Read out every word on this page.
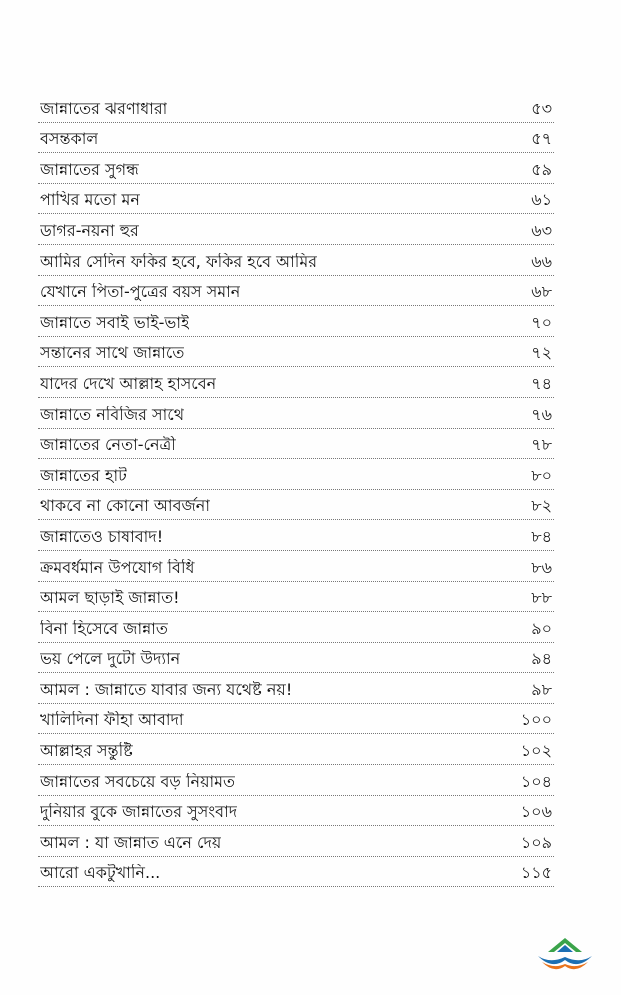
জান্নাতের ঝরণাধারা	৫৩
বসন্তকাল	৫৭
জান্নাতের সুগন্ধ	৫৯
পাখির মতো মন	৬১
ডাগর-নয়না হুর	৬৩
আমির সেদিন ফকির হবে, ফকির হবে আমির	৬৬
যেখানে পিতা-পুত্রের বয়স সমান	৬৮
জান্নাতে সবাই ভাই-ভাই	৭০
সন্তানের সাথে জান্নাতে	৭২
যাদের দেখে আল্লাহ হাসবেন	৭৪
জান্নাতে নবিজির সাথে	৭৬
জান্নাতের নেতা-নেত্রী	৭৮
জান্নাতের হাট	৮০
থাকবে না কোনো আবর্জনা	৮২
জান্নাতেও চাষাবাদ!	৮৪
ক্রমবর্ধমান উপযোগ বিধি	৮৬
আমল ছাড়াই জান্নাত!	৮৮
বিনা হিসেবে জান্নাত	৯০
ভয় পেলে দুটো উদ্যান	৯৪
আমল : জান্নাতে যাবার জন্য যথেষ্ট নয়!	৯৮
খালিদিনা ফীহা আবাদা	১০০
আল্লাহর সন্তুষ্টি	১০২
জান্নাতের সবচেয়ে বড় নিয়ামত	১০৪
দুনিয়ার বুকে জান্নাতের সুসংবাদ	১০৬
আমল : যা জান্নাত এনে দেয়	১০৯
আরো একটুখানি...	১১৫
